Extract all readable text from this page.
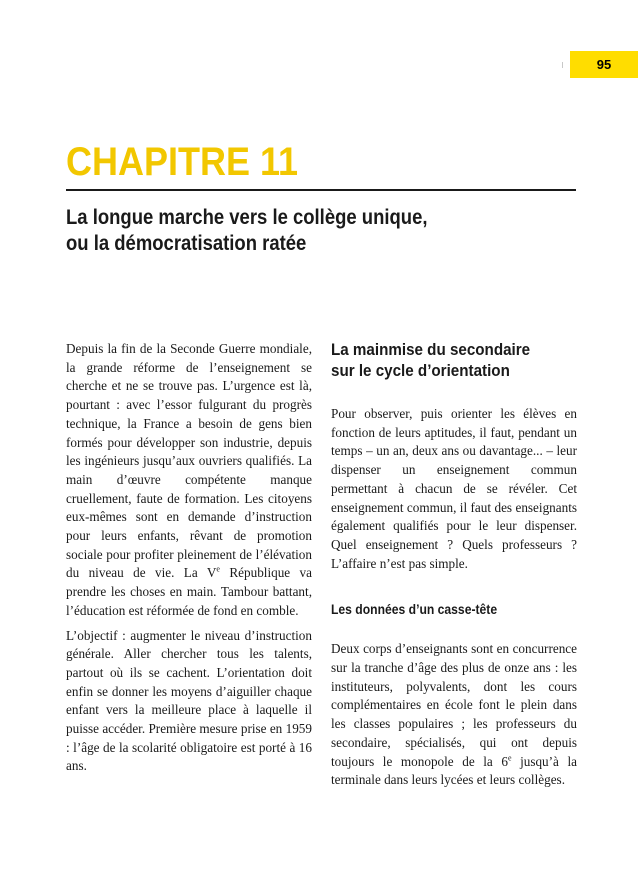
95
CHAPITRE 11
La longue marche vers le collège unique,
ou la démocratisation ratée

Depuis la fin de la Seconde Guerre mondiale, la grande réforme de l’enseignement se cherche et ne se trouve pas. L’urgence est là, pourtant : avec l’essor fulgurant du progrès technique, la France a besoin de gens bien formés pour développer son industrie, depuis les ingénieurs jusqu’aux ouvriers qualifiés. La main d’œuvre compétente manque cruellement, faute de formation. Les citoyens eux-mêmes sont en demande d’instruction pour leurs enfants, rêvant de promotion sociale pour profiter pleinement de l’élévation du niveau de vie. La Ve République va prendre les choses en main. Tambour battant, l’éducation est réformée de fond en comble.

L’objectif : augmenter le niveau d’instruction générale. Aller chercher tous les talents, partout où ils se cachent. L’orientation doit enfin se donner les moyens d’aiguiller chaque enfant vers la meilleure place à laquelle il puisse accéder. Première mesure prise en 1959 : l’âge de la scolarité obligatoire est porté à 16 ans.

La mainmise du secondaire
sur le cycle d’orientation

Pour observer, puis orienter les élèves en fonction de leurs aptitudes, il faut, pendant un temps – un an, deux ans ou davantage... – leur dispenser un enseignement commun permettant à chacun de se révéler. Cet enseignement commun, il faut des enseignants également qualifiés pour le leur dispenser. Quel enseignement ? Quels professeurs ? L’affaire n’est pas simple.

Les données d’un casse-tête

Deux corps d’enseignants sont en concurrence sur la tranche d’âge des plus de onze ans : les instituteurs, polyvalents, dont les cours complémentaires en école font le plein dans les classes populaires ; les professeurs du secondaire, spécialisés, qui ont depuis toujours le monopole de la 6e jusqu’à la terminale dans leurs lycées et leurs collèges.
